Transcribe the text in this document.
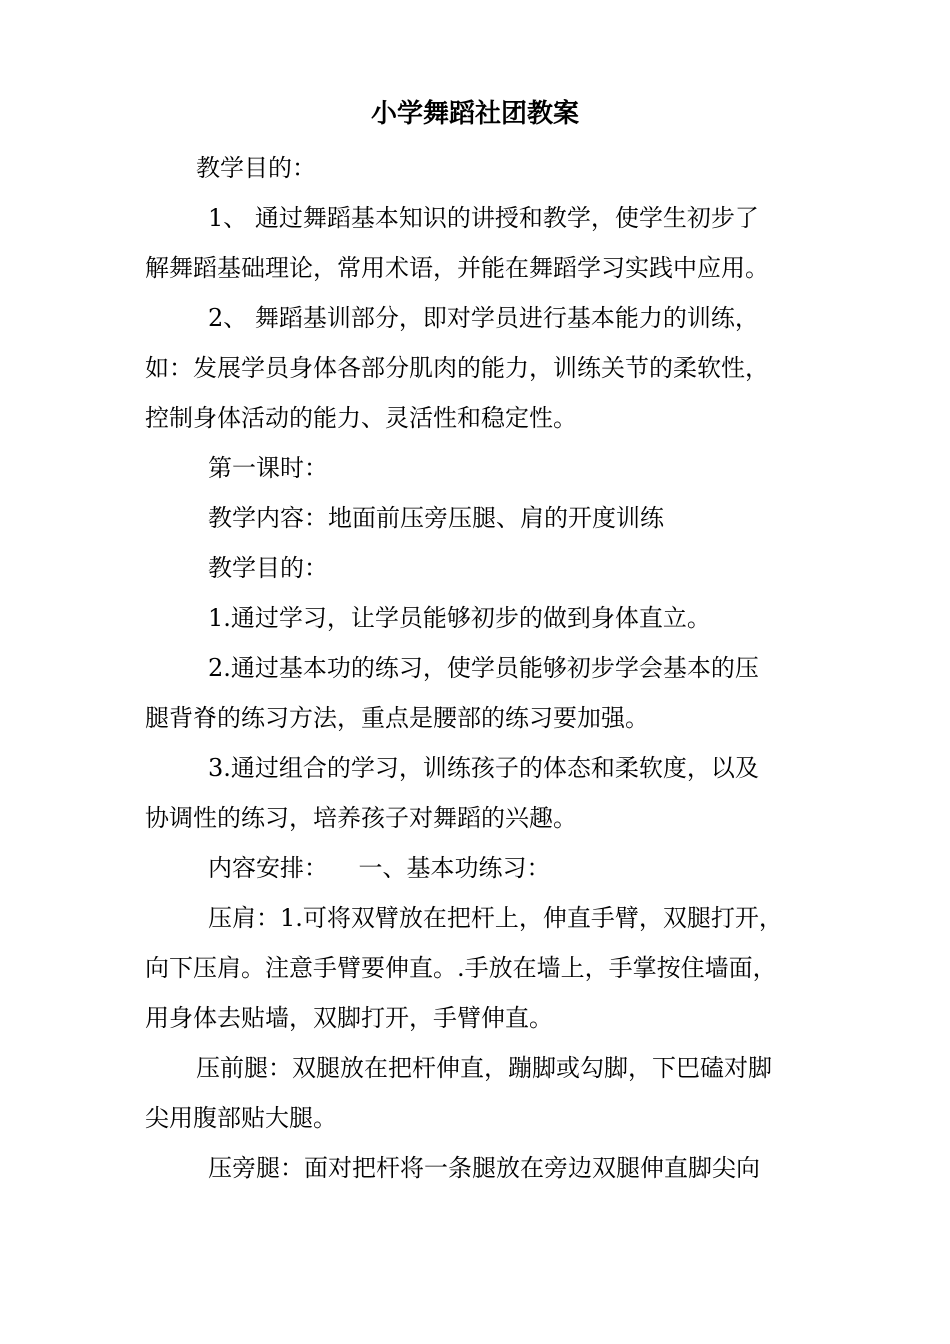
小学舞蹈社团教案
教学目的：
1、 通过舞蹈基本知识的讲授和教学，使学生初步了
解舞蹈基础理论，常用术语，并能在舞蹈学习实践中应用。
2、 舞蹈基训部分，即对学员进行基本能力的训练，
如：发展学员身体各部分肌肉的能力，训练关节的柔软性，
控制身体活动的能力、灵活性和稳定性。
第一课时：
教学内容：地面前压旁压腿、肩的开度训练
教学目的：
1.通过学习，让学员能够初步的做到身体直立。
2.通过基本功的练习，使学员能够初步学会基本的压
腿背脊的练习方法，重点是腰部的练习要加强。
3.通过组合的学习，训练孩子的体态和柔软度，以及
协调性的练习，培养孩子对舞蹈的兴趣。
内容安排：    一、基本功练习：
压肩：1.可将双臂放在把杆上，伸直手臂，双腿打开，
向下压肩。注意手臂要伸直。.手放在墙上，手掌按住墙面，
用身体去贴墙，双脚打开，手臂伸直。
压前腿：双腿放在把杆伸直，蹦脚或勾脚，下巴磕对脚
尖用腹部贴大腿。
压旁腿：面对把杆将一条腿放在旁边双腿伸直脚尖向
